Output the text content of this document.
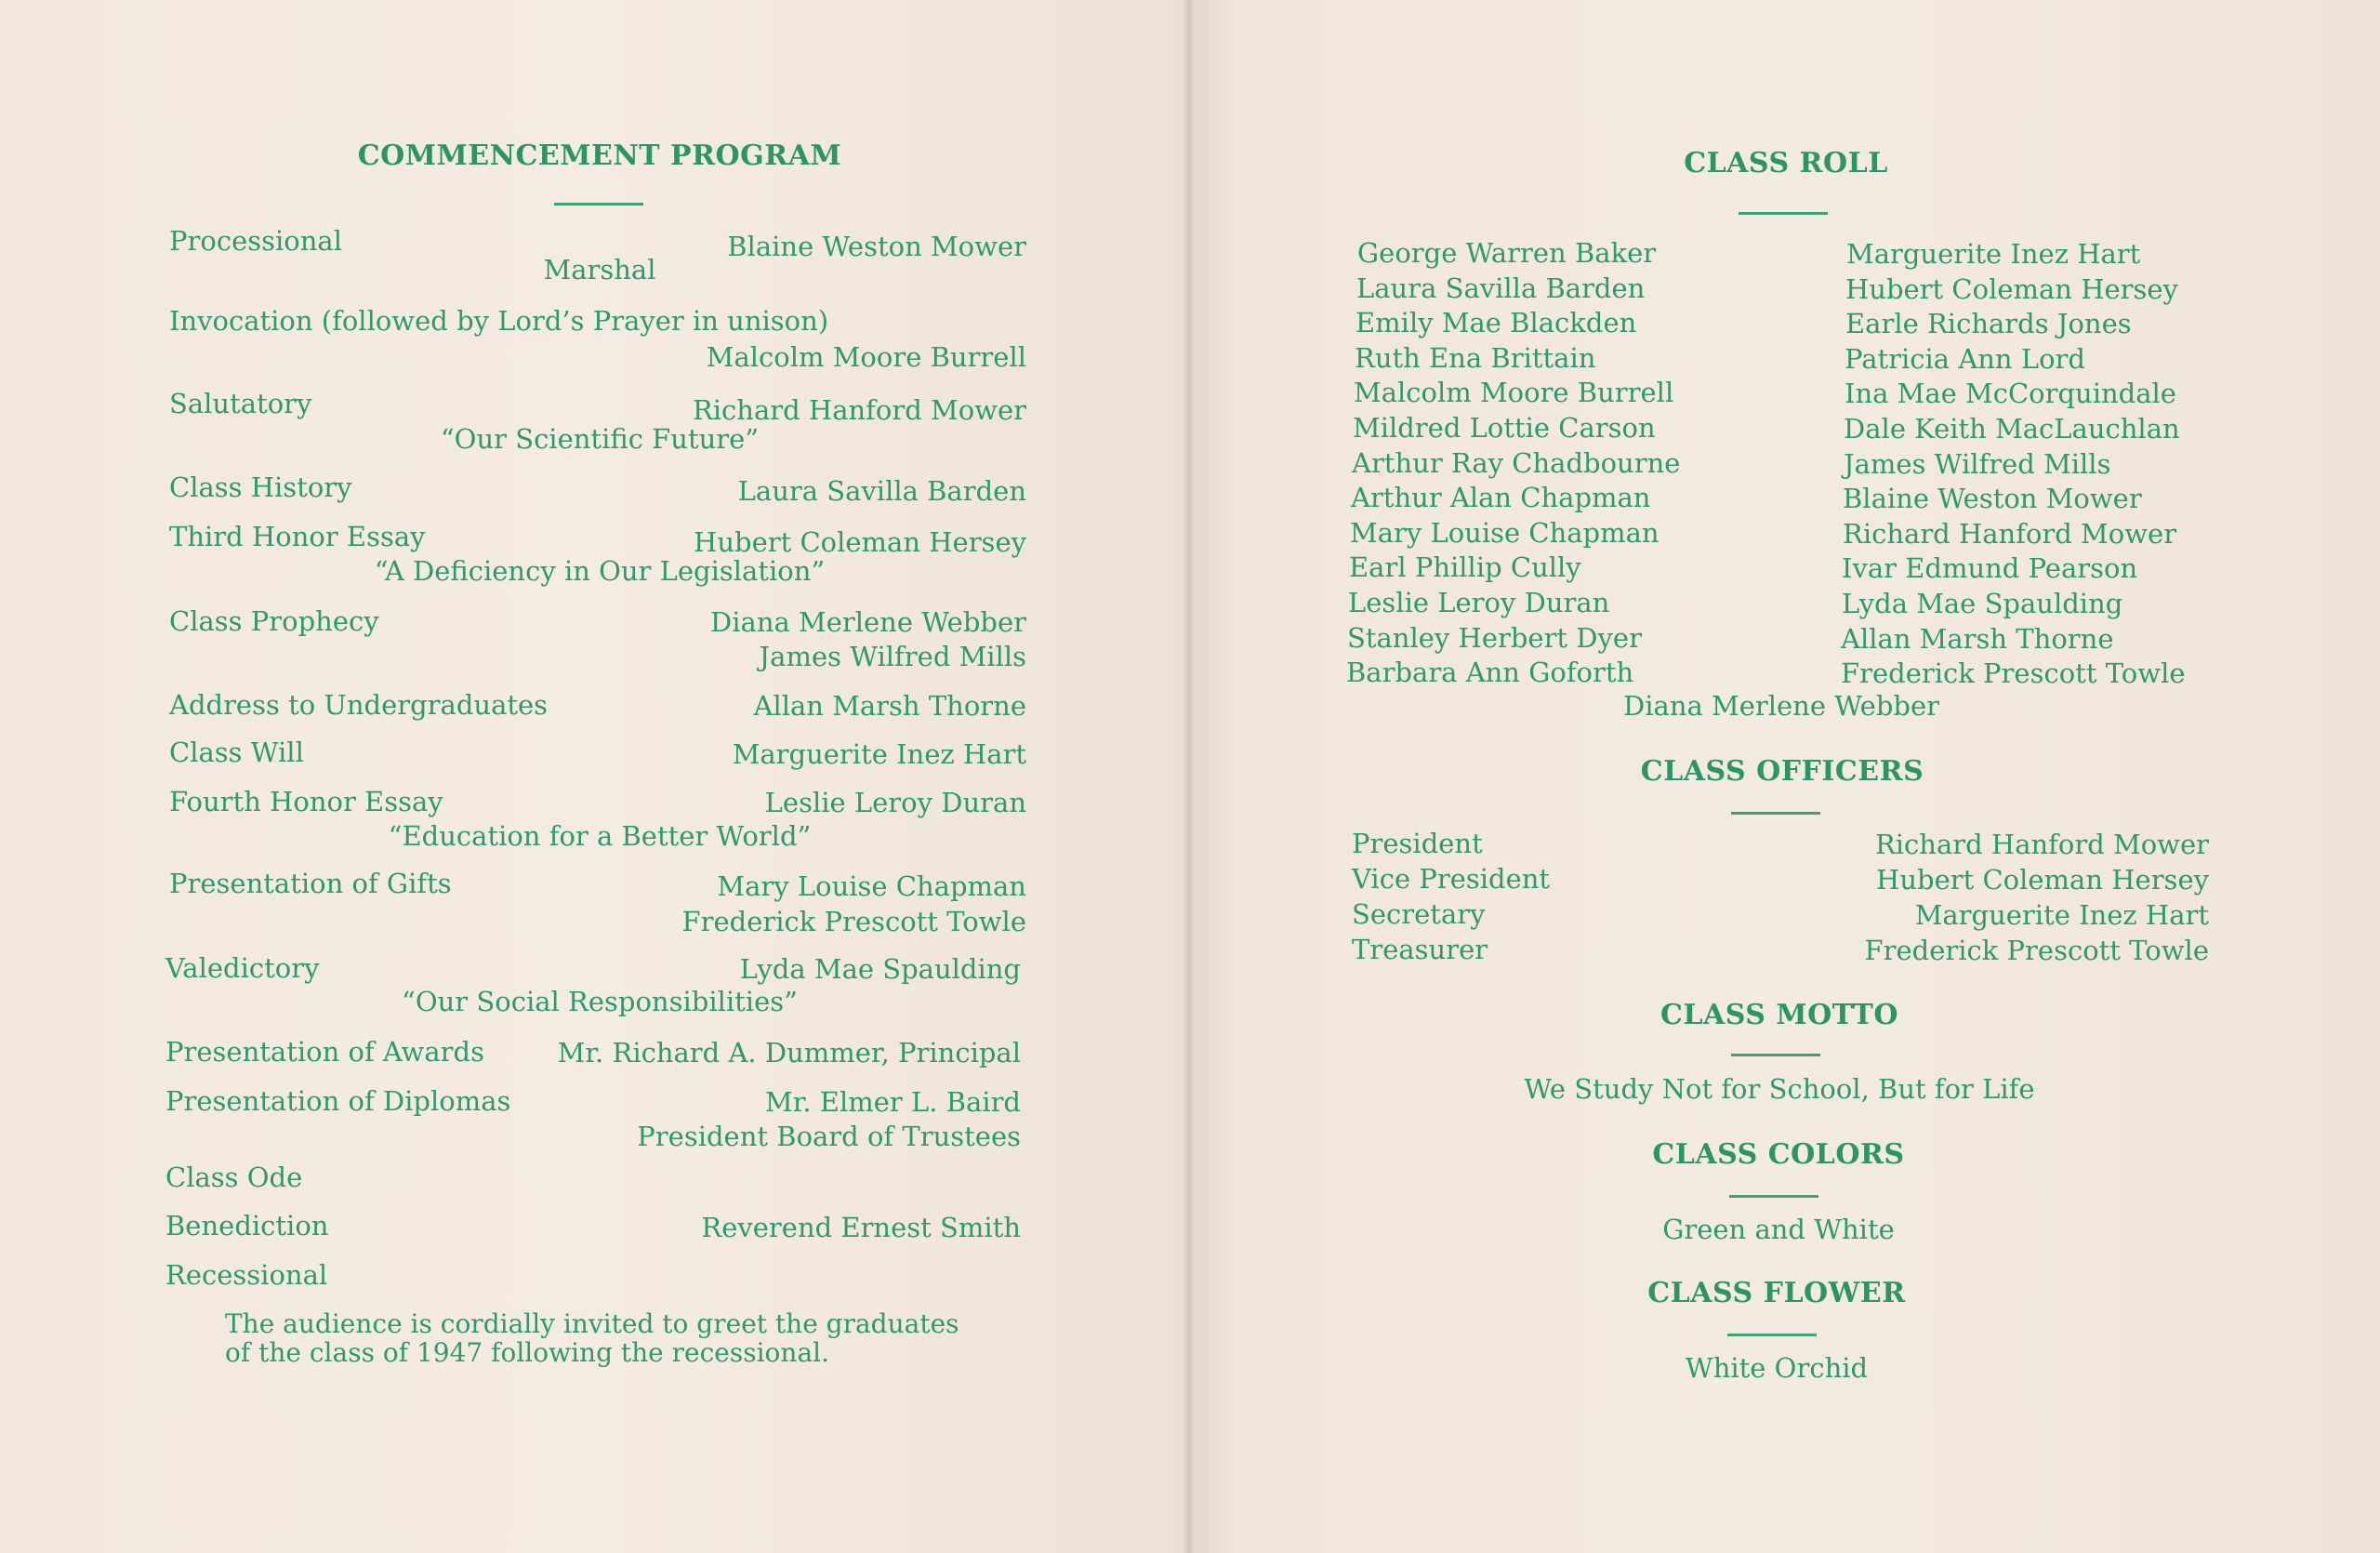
COMMENCEMENT PROGRAM
Processional	Blaine Weston Mower
Marshal
Invocation (followed by Lord’s Prayer in unison)
Malcolm Moore Burrell
Salutatory	Richard Hanford Mower
“Our Scientific Future”
Class History	Laura Savilla Barden
Third Honor Essay	Hubert Coleman Hersey
“A Deficiency in Our Legislation”
Class Prophecy	Diana Merlene Webber
James Wilfred Mills
Address to Undergraduates	Allan Marsh Thorne
Class Will	Marguerite Inez Hart
Fourth Honor Essay	Leslie Leroy Duran
“Education for a Better World”
Presentation of Gifts	Mary Louise Chapman
Frederick Prescott Towle
Valedictory	Lyda Mae Spaulding
“Our Social Responsibilities”
Presentation of Awards	Mr. Richard A. Dummer, Principal
Presentation of Diplomas	Mr. Elmer L. Baird
President Board of Trustees
Class Ode
Benediction	Reverend Ernest Smith
Recessional
The audience is cordially invited to greet the graduates
of the class of 1947 following the recessional.
CLASS ROLL
George Warren Baker
Laura Savilla Barden
Emily Mae Blackden
Ruth Ena Brittain
Malcolm Moore Burrell
Mildred Lottie Carson
Arthur Ray Chadbourne
Arthur Alan Chapman
Mary Louise Chapman
Earl Phillip Cully
Leslie Leroy Duran
Stanley Herbert Dyer
Barbara Ann Goforth
Marguerite Inez Hart
Hubert Coleman Hersey
Earle Richards Jones
Patricia Ann Lord
Ina Mae McCorquindale
Dale Keith MacLauchlan
James Wilfred Mills
Blaine Weston Mower
Richard Hanford Mower
Ivar Edmund Pearson
Lyda Mae Spaulding
Allan Marsh Thorne
Frederick Prescott Towle
Diana Merlene Webber
CLASS OFFICERS
President	Richard Hanford Mower
Vice President	Hubert Coleman Hersey
Secretary	Marguerite Inez Hart
Treasurer	Frederick Prescott Towle
CLASS MOTTO
We Study Not for School, But for Life
CLASS COLORS
Green and White
CLASS FLOWER
White Orchid
